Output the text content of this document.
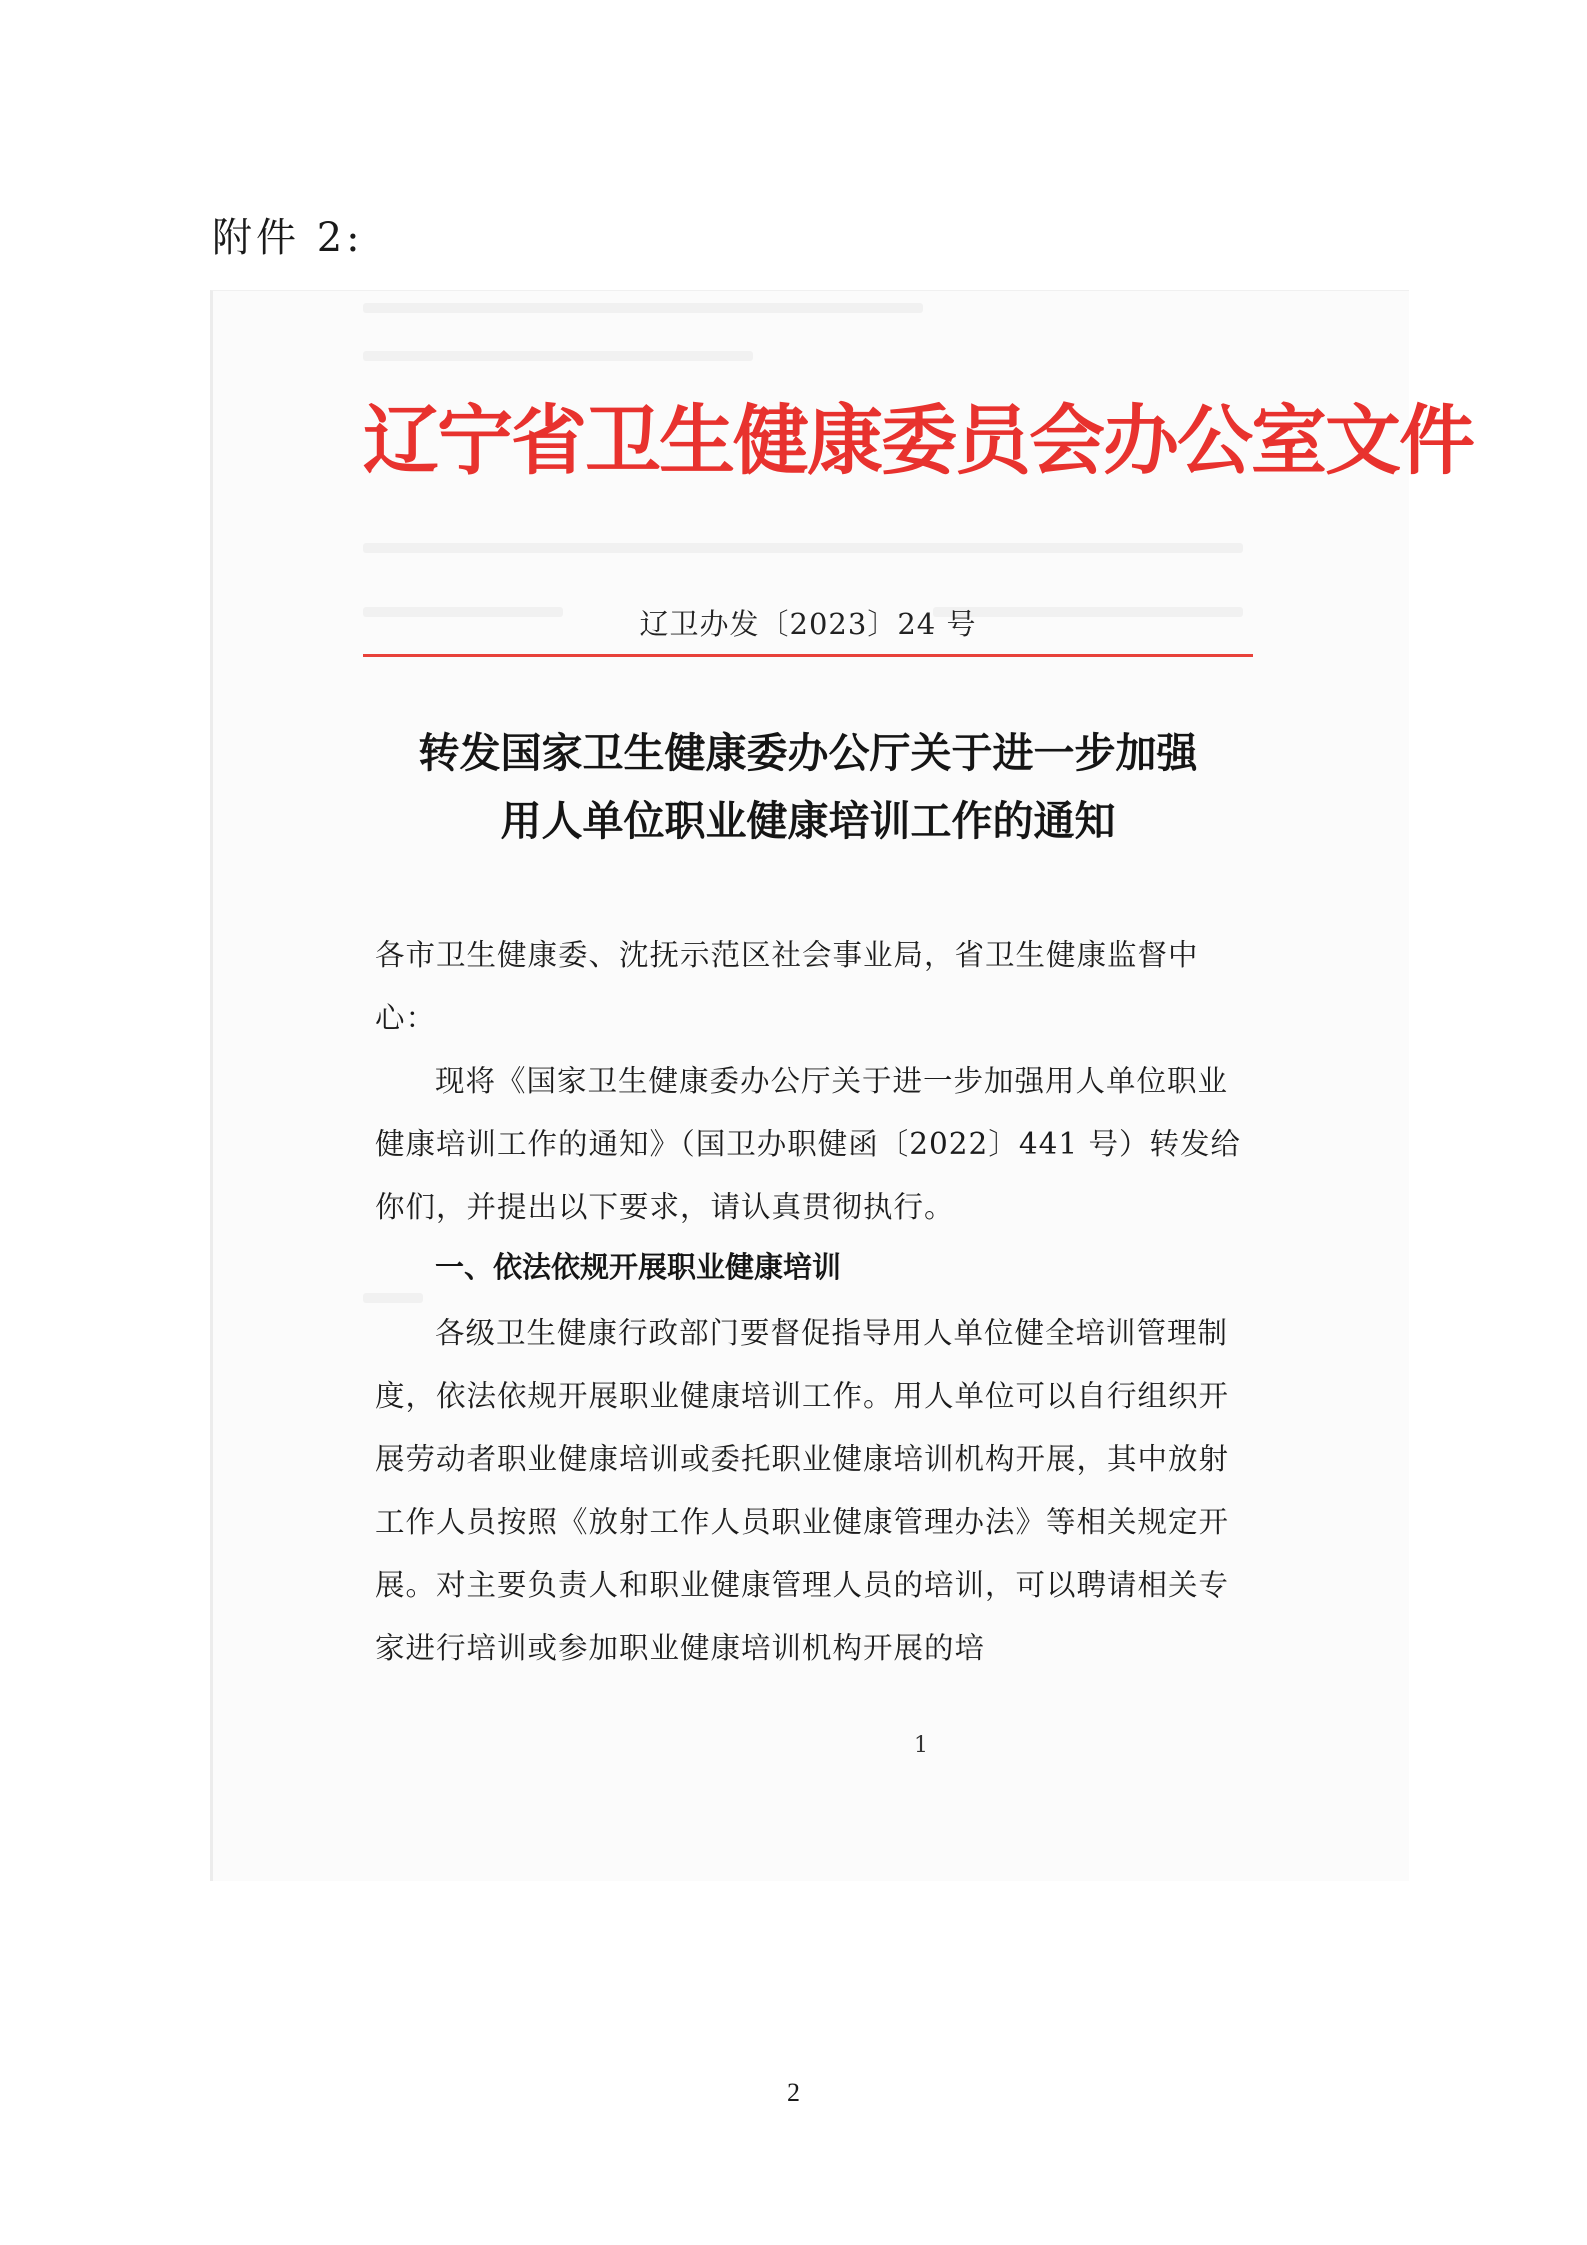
附件 2:
辽宁省卫生健康委员会办公室文件
辽卫办发〔2023〕24 号
转发国家卫生健康委办公厅关于进一步加强
用人单位职业健康培训工作的通知
各市卫生健康委、沈抚示范区社会事业局，省卫生健康监督中心：
现将《国家卫生健康委办公厅关于进一步加强用人单位职业健康培训工作的通知》（国卫办职健函〔2022〕441 号）转发给你们，并提出以下要求，请认真贯彻执行。
一、依法依规开展职业健康培训
各级卫生健康行政部门要督促指导用人单位健全培训管理制度，依法依规开展职业健康培训工作。用人单位可以自行组织开展劳动者职业健康培训或委托职业健康培训机构开展，其中放射工作人员按照《放射工作人员职业健康管理办法》等相关规定开展。对主要负责人和职业健康管理人员的培训，可以聘请相关专家进行培训或参加职业健康培训机构开展的培
1
2
